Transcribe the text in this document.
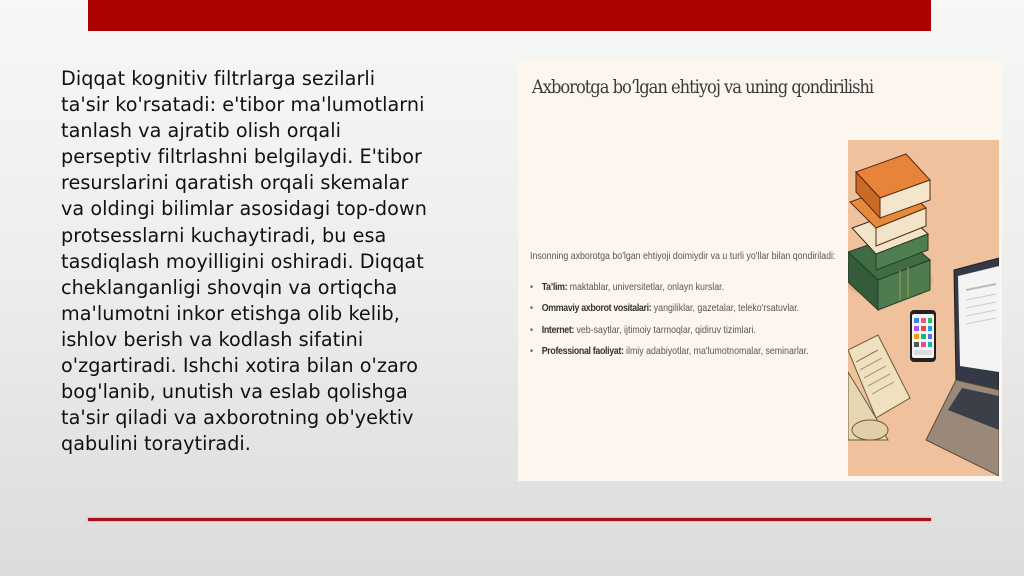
Diqqat kognitiv filtrlarga sezilarli
ta'sir ko'rsatadi: e'tibor ma'lumotlarni
tanlash va ajratib olish orqali
perseptiv filtrlashni belgilaydi. E'tibor
resurslarini qaratish orqali skemalar
va oldingi bilimlar asosidagi top-down
protsesslarni kuchaytiradi, bu esa
tasdiqlash moyilligini oshiradi. Diqqat
cheklanganligi shovqin va ortiqcha
ma'lumotni inkor etishga olib kelib,
ishlov berish va kodlash sifatini
o'zgartiradi. Ishchi xotira bilan o'zaro
bog'lanib, unutish va eslab qolishga
ta'sir qiladi va axborotning ob'yektiv
qabulini toraytiradi.
Axborotga bo‘lgan ehtiyoj va uning qondirilishi
Insonning axborotga bo'lgan ehtiyoji doimiydir va u turli yo'llar bilan qondiriladi:
• Ta’lim: maktablar, universitetlar, onlayn kurslar.
• Ommaviy axborot vositalari: yangiliklar, gazetalar, teleko'rsatuvlar.
• Internet: veb-saytlar, ijtimoiy tarmoqlar, qidiruv tizimlari.
• Professional faoliyat: ilmiy adabiyotlar, ma'lumotnomalar, seminarlar.
